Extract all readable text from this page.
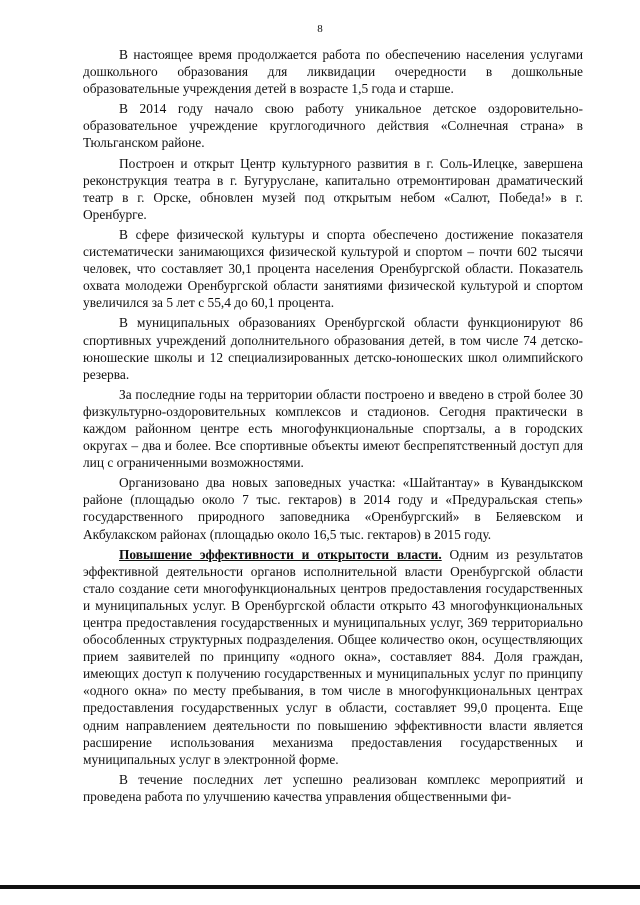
8

В настоящее время продолжается работа по обеспечению населения услугами дошкольного образования для ликвидации очередности в дошкольные образовательные учреждения детей в возрасте 1,5 года и старше.

В 2014 году начало свою работу уникальное детское оздоровительно-образовательное учреждение круглогодичного действия «Солнечная страна» в Тюльганском районе.

Построен и открыт Центр культурного развития в г. Соль-Илецке, завершена реконструкция театра в г. Бугуруслане, капитально отремонтирован драматический театр в г. Орске, обновлен музей под открытым небом «Салют, Победа!» в г. Оренбурге.

В сфере физической культуры и спорта обеспечено достижение показателя систематически занимающихся физической культурой и спортом – почти 602 тысячи человек, что составляет 30,1 процента населения Оренбургской области. Показатель охвата молодежи Оренбургской области занятиями физической культурой и спортом увеличился за 5 лет с 55,4 до 60,1 процента.

В муниципальных образованиях Оренбургской области функционируют 86 спортивных учреждений дополнительного образования детей, в том числе 74 детско-юношеские школы и 12 специализированных детско-юношеских школ олимпийского резерва.

За последние годы на территории области построено и введено в строй более 30 физкультурно-оздоровительных комплексов и стадионов. Сегодня практически в каждом районном центре есть многофункциональные спортзалы, а в городских округах – два и более. Все спортивные объекты имеют беспрепятственный доступ для лиц с ограниченными возможностями.

Организовано два новых заповедных участка: «Шайтантау» в Кувандыкском районе (площадью около 7 тыс. гектаров) в 2014 году и «Предуральская степь» государственного природного заповедника «Оренбургский» в Беляевском и Акбулакском районах (площадью около 16,5 тыс. гектаров) в 2015 году.

Повышение эффективности и открытости власти. Одним из результатов эффективной деятельности органов исполнительной власти Оренбургской области стало создание сети многофункциональных центров предоставления государственных и муниципальных услуг. В Оренбургской области открыто 43 многофункциональных центра предоставления государственных и муниципальных услуг, 369 территориально обособленных структурных подразделения. Общее количество окон, осуществляющих прием заявителей по принципу «одного окна», составляет 884. Доля граждан, имеющих доступ к получению государственных и муниципальных услуг по принципу «одного окна» по месту пребывания, в том числе в многофункциональных центрах предоставления государственных услуг в области, составляет 99,0 процента. Еще одним направлением деятельности по повышению эффективности власти является расширение использования механизма предоставления государственных и муниципальных услуг в электронной форме.

В течение последних лет успешно реализован комплекс мероприятий и проведена работа по улучшению качества управления общественными фи-
